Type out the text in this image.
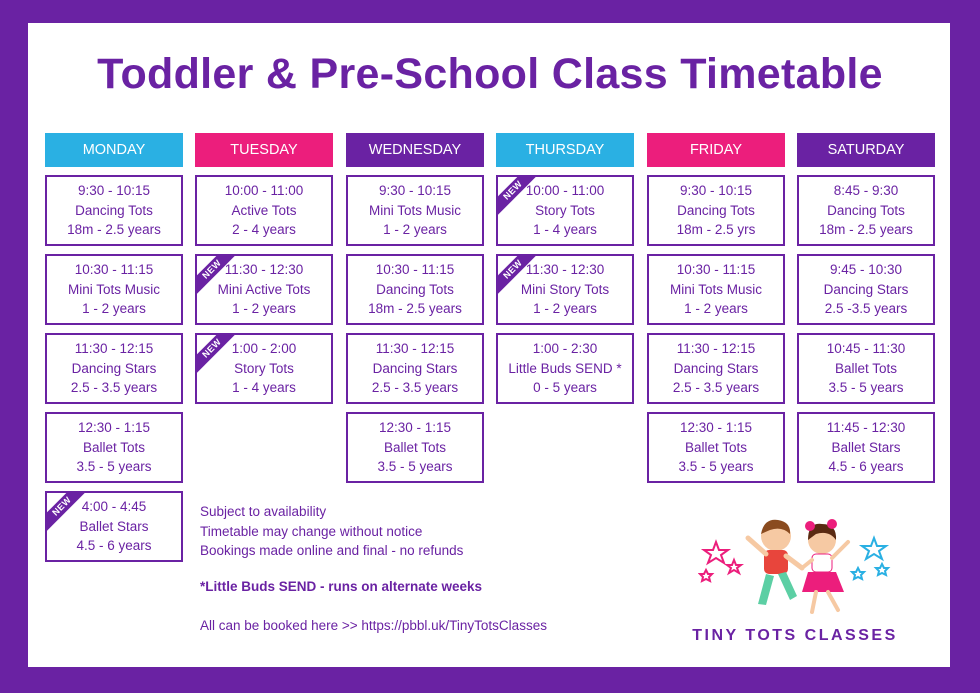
Toddler & Pre-School Class Timetable
MONDAY
9:30 - 10:15
Dancing Tots
18m - 2.5 years
10:30 - 11:15
Mini Tots Music
1 - 2 years
11:30 - 12:15
Dancing Stars
2.5 - 3.5 years
12:30 - 1:15
Ballet Tots
3.5 - 5 years
NEW 4:00 - 4:45
Ballet Stars
4.5 - 6 years
TUESDAY
10:00 - 11:00
Active Tots
2 - 4 years
NEW 11:30 - 12:30
Mini Active Tots
1 - 2 years
NEW 1:00 - 2:00
Story Tots
1 - 4 years
WEDNESDAY
9:30 - 10:15
Mini Tots Music
1 - 2 years
10:30 - 11:15
Dancing Tots
18m - 2.5 years
11:30 - 12:15
Dancing Stars
2.5 - 3.5 years
12:30 - 1:15
Ballet Tots
3.5 - 5 years
THURSDAY
NEW 10:00 - 11:00
Story Tots
1 - 4 years
NEW 11:30 - 12:30
Mini Story Tots
1 - 2 years
1:00 - 2:30
Little Buds SEND *
0 - 5 years
FRIDAY
9:30 - 10:15
Dancing Tots
18m - 2.5 yrs
10:30 - 11:15
Mini Tots Music
1 - 2 years
11:30 - 12:15
Dancing Stars
2.5 - 3.5 years
12:30 - 1:15
Ballet Tots
3.5 - 5 years
SATURDAY
8:45 - 9:30
Dancing Tots
18m - 2.5 years
9:45 - 10:30
Dancing Stars
2.5 -3.5 years
10:45 - 11:30
Ballet Tots
3.5 - 5 years
11:45 - 12:30
Ballet Stars
4.5 - 6 years
Subject to availability
Timetable may change without notice
Bookings made online and final - no refunds
*Little Buds SEND - runs on alternate weeks
All can be booked here >> https://pbbl.uk/TinyTotsClasses
TINY TOTS CLASSES
